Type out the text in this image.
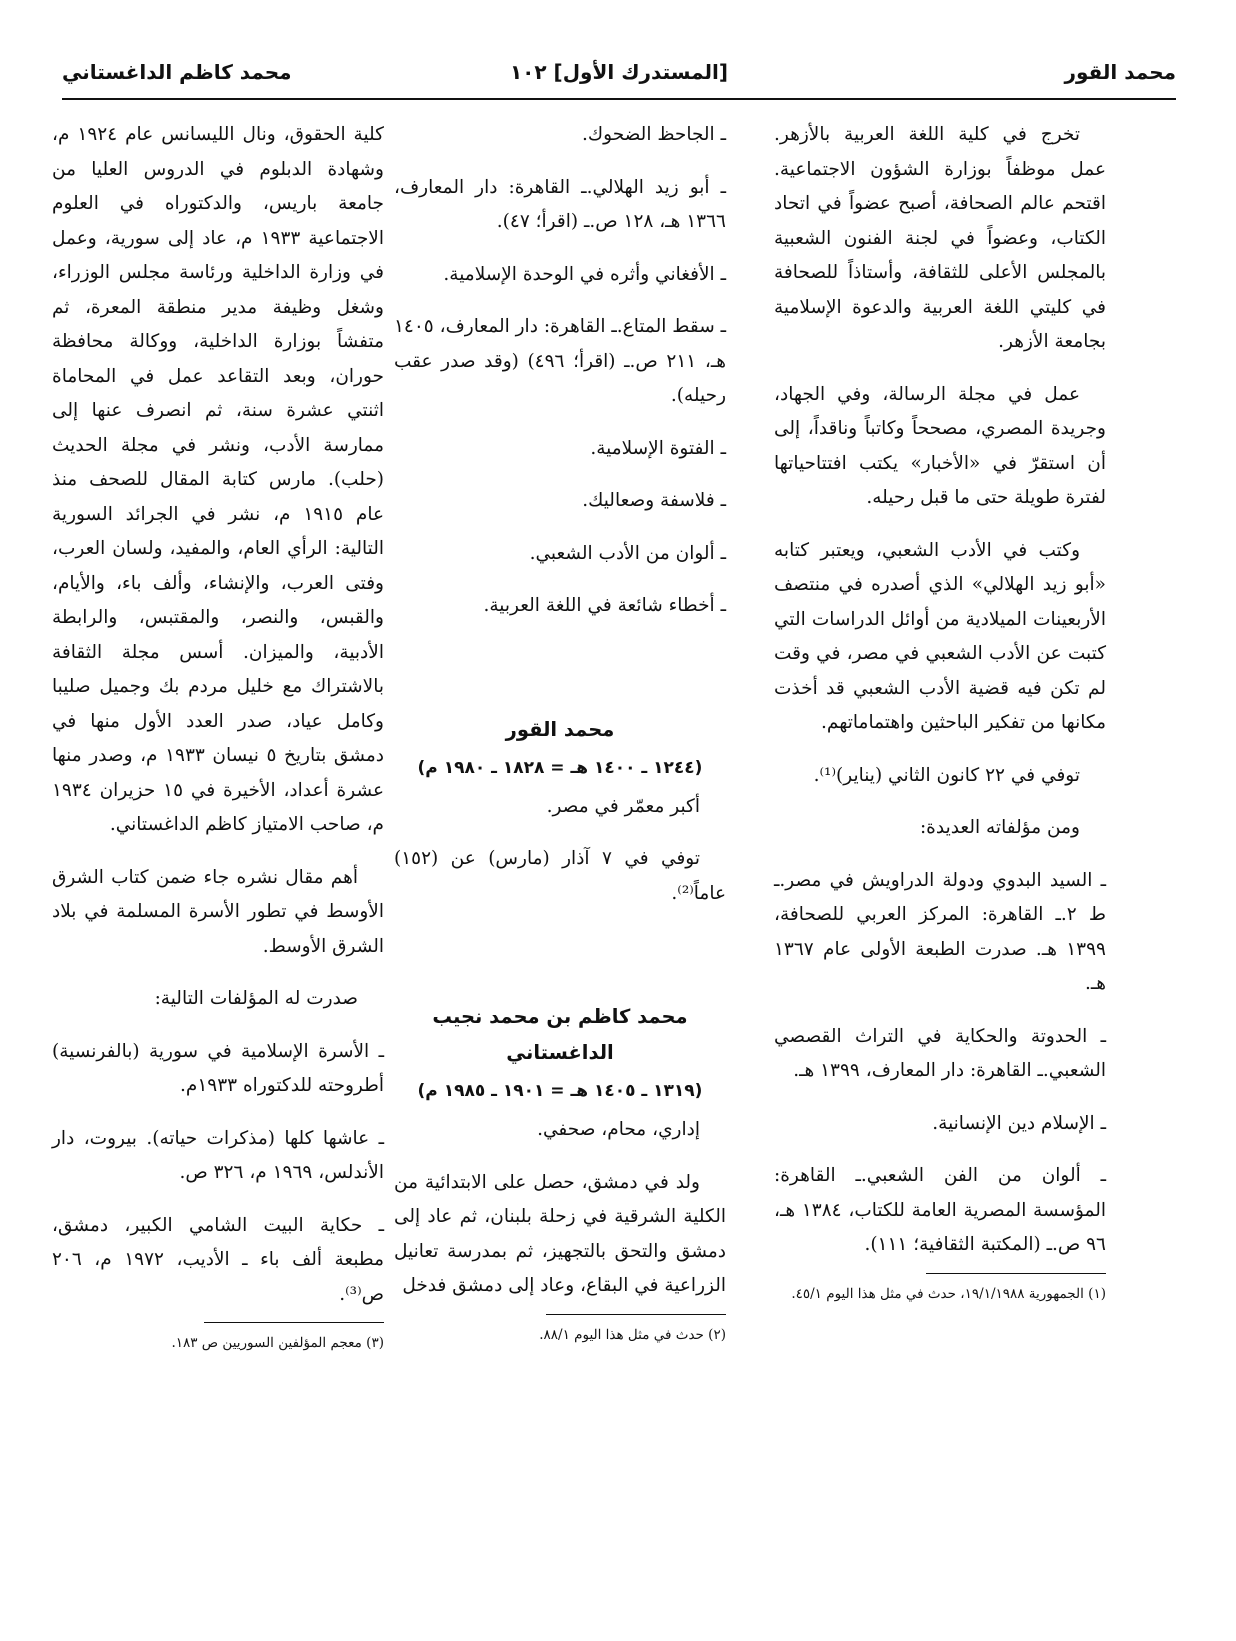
محمد القور
[المستدرك الأول] ١٠٢
محمد كاظم الداغستاني

تخرج في كلية اللغة العربية بالأزهر. عمل موظفاً بوزارة الشؤون الاجتماعية. اقتحم عالم الصحافة، أصبح عضواً في اتحاد الكتاب، وعضواً في لجنة الفنون الشعبية بالمجلس الأعلى للثقافة، وأستاذاً للصحافة في كليتي اللغة العربية والدعوة الإسلامية بجامعة الأزهر.

عمل في مجلة الرسالة، وفي الجهاد، وجريدة المصري، مصححاً وكاتباً وناقداً، إلى أن استقرّ في «الأخبار» يكتب افتتاحياتها لفترة طويلة حتى ما قبل رحيله.

وكتب في الأدب الشعبي، ويعتبر كتابه «أبو زيد الهلالي» الذي أصدره في منتصف الأربعينات الميلادية من أوائل الدراسات التي كتبت عن الأدب الشعبي في مصر، في وقت لم تكن فيه قضية الأدب الشعبي قد أخذت مكانها من تفكير الباحثين واهتماماتهم.

توفي في ٢٢ كانون الثاني (يناير)⁽¹⁾.

ومن مؤلفاته العديدة:

ـ السيد البدوي ودولة الدراويش في مصر.ـ ط ٢.ـ القاهرة: المركز العربي للصحافة، ١٣٩٩ هـ. صدرت الطبعة الأولى عام ١٣٦٧ هـ.

ـ الحدوتة والحكاية في التراث القصصي الشعبي.ـ القاهرة: دار المعارف، ١٣٩٩ هـ.

ـ الإسلام دين الإنسانية.

ـ ألوان من الفن الشعبي.ـ القاهرة: المؤسسة المصرية العامة للكتاب، ١٣٨٤ هـ، ٩٦ ص.ـ (المكتبة الثقافية؛ ١١١).

(١) الجمهورية ١٩/١/١٩٨٨، حدث في مثل هذا اليوم ٤٥/١.

ـ الجاحظ الضحوك.

ـ أبو زيد الهلالي.ـ القاهرة: دار المعارف، ١٣٦٦ هـ، ١٢٨ ص.ـ (اقرأ؛ ٤٧).

ـ الأفغاني وأثره في الوحدة الإسلامية.

ـ سقط المتاع.ـ القاهرة: دار المعارف، ١٤٠٥ هـ، ٢١١ ص.ـ (اقرأ؛ ٤٩٦) (وقد صدر عقب رحيله).

ـ الفتوة الإسلامية.

ـ فلاسفة وصعاليك.

ـ ألوان من الأدب الشعبي.

ـ أخطاء شائعة في اللغة العربية.

محمد القور
(١٢٤٤ ـ ١٤٠٠ هـ = ١٨٢٨ ـ ١٩٨٠ م)

أكبر معمّر في مصر.

توفي في ٧ آذار (مارس) عن (١٥٢) عاماً⁽²⁾.

محمد كاظم بن محمد نجيب الداغستاني
(١٣١٩ ـ ١٤٠٥ هـ = ١٩٠١ ـ ١٩٨٥ م)

إداري، محام، صحفي.

ولد في دمشق، حصل على الابتدائية من الكلية الشرقية في زحلة بلبنان، ثم عاد إلى دمشق والتحق بالتجهيز، ثم بمدرسة تعانيل الزراعية في البقاع، وعاد إلى دمشق فدخل

(٢) حدث في مثل هذا اليوم ٨٨/١.

كلية الحقوق، ونال الليسانس عام ١٩٢٤ م، وشهادة الدبلوم في الدروس العليا من جامعة باريس، والدكتوراه في العلوم الاجتماعية ١٩٣٣ م، عاد إلى سورية، وعمل في وزارة الداخلية ورئاسة مجلس الوزراء، وشغل وظيفة مدير منطقة المعرة، ثم متفشاً بوزارة الداخلية، ووكالة محافظة حوران، وبعد التقاعد عمل في المحاماة اثنتي عشرة سنة، ثم انصرف عنها إلى ممارسة الأدب، ونشر في مجلة الحديث (حلب). مارس كتابة المقال للصحف منذ عام ١٩١٥ م، نشر في الجرائد السورية التالية: الرأي العام، والمفيد، ولسان العرب، وفتى العرب، والإنشاء، وألف باء، والأيام، والقبس، والنصر، والمقتبس، والرابطة الأدبية، والميزان. أسس مجلة الثقافة بالاشتراك مع خليل مردم بك وجميل صليبا وكامل عياد، صدر العدد الأول منها في دمشق بتاريخ ٥ نيسان ١٩٣٣ م، وصدر منها عشرة أعداد، الأخيرة في ١٥ حزيران ١٩٣٤ م، صاحب الامتياز كاظم الداغستاني.

أهم مقال نشره جاء ضمن كتاب الشرق الأوسط في تطور الأسرة المسلمة في بلاد الشرق الأوسط.

صدرت له المؤلفات التالية:

ـ الأسرة الإسلامية في سورية (بالفرنسية) أطروحته للدكتوراه ١٩٣٣م.

ـ عاشها كلها (مذكرات حياته). بيروت، دار الأندلس، ١٩٦٩ م، ٣٢٦ ص.

ـ حكاية البيت الشامي الكبير، دمشق، مطبعة ألف باء ـ الأديب، ١٩٧٢ م، ٢٠٦ ص⁽³⁾.

(٣) معجم المؤلفين السوريين ص ١٨٣.
